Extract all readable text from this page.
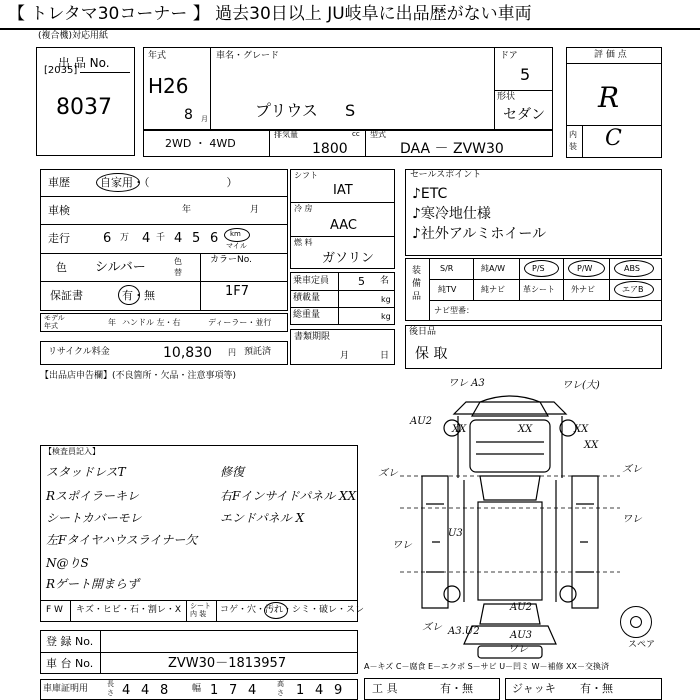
【 トレタマ30コーナー 】 過去30日以上 JU岐阜に出品歴がない車両
(複合機)対応用紙
出 品 No.
[2035]
8037
年式
H26
8 月
車名・グレード
プリウス S
ドア
5
形状
セダン
評 価 点
R
内
装 C
2WD ・ 4WD
排気量	cc
1800
型式
DAA － ZVW30
車歴	自家用・（　　　　　　　）
車検	年	月
走行	6 万 4 千 4 5 6 km
マイル
色 シルバー	色
替
カラーNo.
1F7
保証書	有・無
モデル
年式	年 ハンドル 左・右	ディーラー・並行
リサイクル料金	10,830 円 預託済
シフト
IAT
冷 房
AAC
燃 料
ガソリン
乗車定員	5 名
積載量	kg
総重量	kg
書類期限
月	日
セールスポイント
♪ETC
♪寒冷地仕様
♪社外アルミホイール
装
備
品
S/R	純A/W	P/S	P/W	ABS
純TV	純ナビ 革シート 外ナビ	エアB
ナビ型番：
後日品
保 取
【出品店申告欄】(不良箇所・欠品・注意事項等)
【検査員記入】
スタッドレスT
Rスポイラーキレ
シートカバーモレ
左Fタイヤハウスライナー欠
N@りS
Rゲート開まらず
修復
右Fインサイドパネル XX
エンドパネル X
F W キズ・ヒビ・石・割レ・X シート
内 装	コゲ・穴・汚れ・シミ・破レ・スレ
登 録 No.
車 台 No.	ZVW30－1813957
車庫証明用	長
さ 4 4 8	幅 1 7 4	高
さ 1 4 9
A－キズ C－腐食 E－エクボ S－サビ U－凹ミ W－補修 XX－交換済
工 具	有・無	ジャッキ 有・無
スペア
ワレ A3	ワレ(大)
AU2
XX	XX	XX
XX
ズレ	ズレ
ワレ
U3
ワレ
AU2
ズレ A3.U2	AU3
ワレ
